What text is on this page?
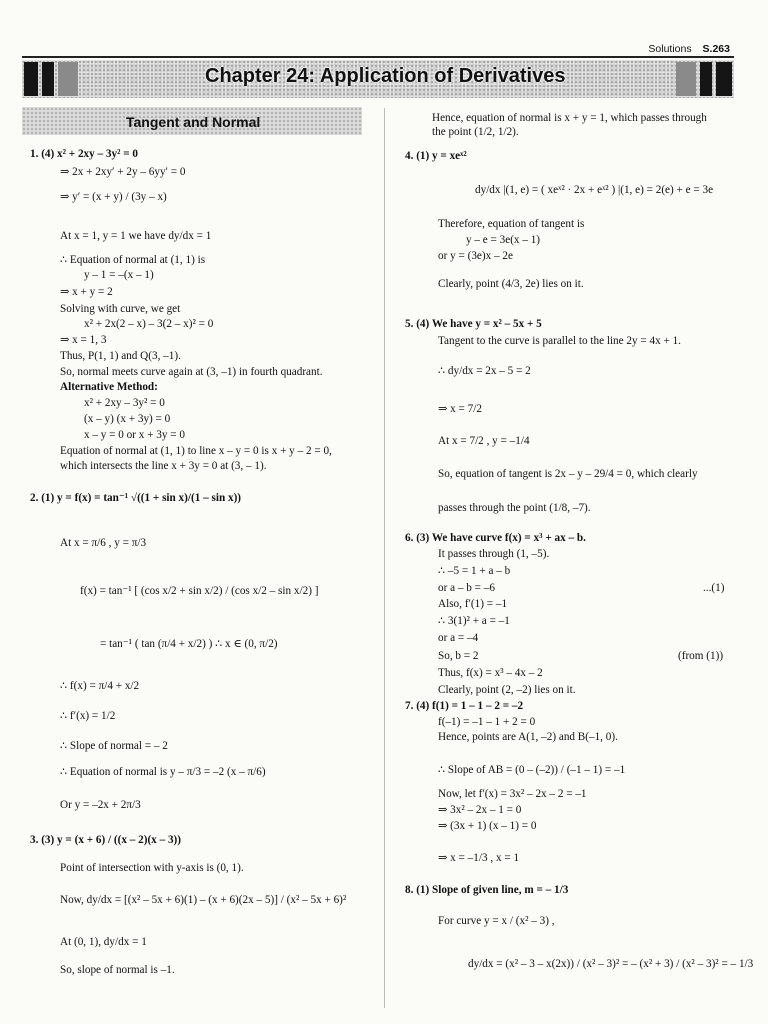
Solutions S.263
Chapter 24: Application of Derivatives
Tangent and Normal
1. (4) x² + 2xy – 3y² = 0
⇒ 2x + 2xy′ + 2y – 6yy′ = 0
⇒ y′ = (x + y) / (3y – x)
At x = 1, y = 1 we have dy/dx = 1
∴ Equation of normal at (1, 1) is
y – 1 = –(x – 1)
⇒ x + y = 2
Solving with curve, we get
x² + 2x(2 – x) – 3(2 – x)² = 0
⇒ x = 1, 3
Thus, P(1, 1) and Q(3, –1).
So, normal meets curve again at (3, –1) in fourth quadrant.
Alternative Method:
x² + 2xy – 3y² = 0
(x – y) (x + 3y) = 0
x – y = 0 or x + 3y = 0
Equation of normal at (1, 1) to line x – y = 0 is x + y – 2 = 0,
which intersects the line x + 3y = 0 at (3, – 1).
2. (1) y = f(x) = tan⁻¹ √((1 + sin x)/(1 – sin x))
At x = π/6 , y = π/3
f(x) = tan⁻¹ [ (cos x/2 + sin x/2) / (cos x/2 – sin x/2) ]
= tan⁻¹ ( tan (π/4 + x/2) ) ∴ x ∈ (0, π/2)
∴ f(x) = π/4 + x/2
∴ f′(x) = 1/2
∴ Slope of normal = – 2
∴ Equation of normal is y – π/3 = –2 (x – π/6)
Or y = –2x + 2π/3
3. (3) y = (x + 6) / ((x – 2)(x – 3))
Point of intersection with y-axis is (0, 1).
Now, dy/dx = [(x² – 5x + 6)(1) – (x + 6)(2x – 5)] / (x² – 5x + 6)²
At (0, 1), dy/dx = 1
So, slope of normal is –1.
Hence, equation of normal is x + y = 1, which passes through
the point (1/2, 1/2).
4. (1) y = xeˣ²
dy/dx |(1, e) = ( xeˣ² · 2x + eˣ² ) |(1, e) = 2(e) + e = 3e
Therefore, equation of tangent is
y – e = 3e(x – 1)
or y = (3e)x – 2e
Clearly, point (4/3, 2e) lies on it.
5. (4) We have y = x² – 5x + 5
Tangent to the curve is parallel to the line 2y = 4x + 1.
∴ dy/dx = 2x – 5 = 2
⇒ x = 7/2
At x = 7/2 , y = –1/4
So, equation of tangent is 2x – y – 29/4 = 0, which clearly
passes through the point (1/8, –7).
6. (3) We have curve f(x) = x³ + ax – b.
It passes through (1, –5).
∴ –5 = 1 + a – b
or a – b = –6
Also, f′(1) = –1
∴ 3(1)² + a = –1
or a = –4
So, b = 2
Thus, f(x) = x³ – 4x – 2
Clearly, point (2, –2) lies on it.
7. (4) f(1) = 1 – 1 – 2 = –2
f(–1) = –1 – 1 + 2 = 0
Hence, points are A(1, –2) and B(–1, 0).
∴ Slope of AB = (0 – (–2)) / (–1 – 1) = –1
Now, let f′(x) = 3x² – 2x – 2 = –1
⇒ 3x² – 2x – 1 = 0
⇒ (3x + 1) (x – 1) = 0
⇒ x = –1/3 , x = 1
8. (1) Slope of given line, m = – 1/3
For curve y = x / (x² – 3) ,
dy/dx = (x² – 3 – x(2x)) / (x² – 3)² = – (x² + 3) / (x² – 3)² = – 1/3
...(1)
(from (1))
